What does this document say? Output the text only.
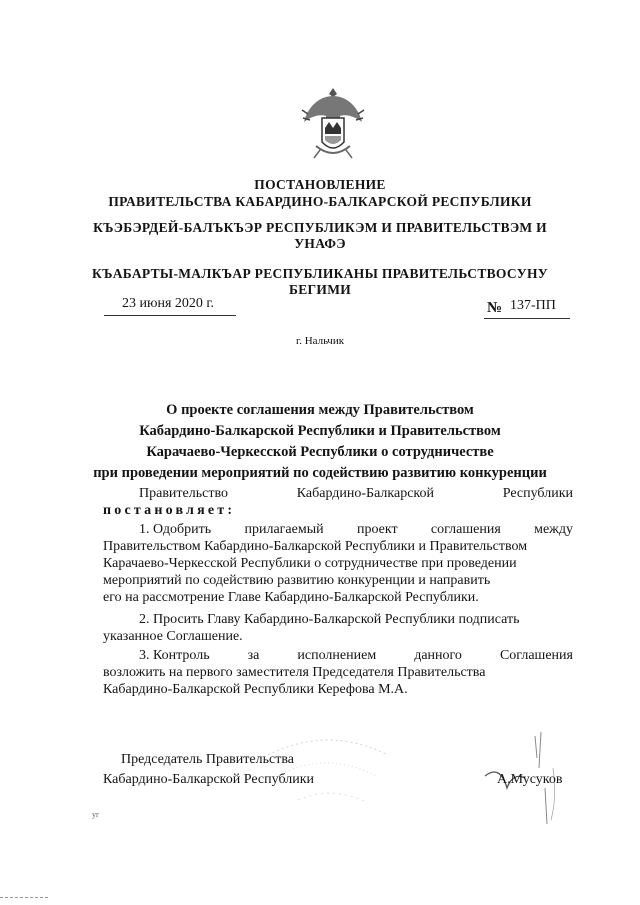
ПОСТАНОВЛЕНИЕ
ПРАВИТЕЛЬСТВА КАБАРДИНО-БАЛКАРСКОЙ РЕСПУБЛИКИ
КЪЭБЭРДЕЙ-БАЛЪКЪЭР РЕСПУБЛИКЭМ И ПРАВИТЕЛЬСТВЭМ И
УНАФЭ
КЪАБАРТЫ-МАЛКЪАР РЕСПУБЛИКАНЫ ПРАВИТЕЛЬСТВОСУНУ
БЕГИМИ
23 июня 2020 г.	№ 137-ПП
г. Нальчик
О проекте соглашения между Правительством
Кабардино-Балкарской Республики и Правительством
Карачаево-Черкесской Республики о сотрудничестве
при проведении мероприятий по содействию развитию конкуренции
Правительство	Кабардино-Балкарской	Республики
постановляет:
1. Одобрить прилагаемый проект соглашения между
Правительством Кабардино-Балкарской Республики и Правительством
Карачаево-Черкесской Республики о сотрудничестве при проведении
мероприятий по содействию развитию конкуренции и направить
его на рассмотрение Главе Кабардино-Балкарской Республики.
2. Просить Главу Кабардино-Балкарской Республики подписать
указанное Соглашение.
3. Контроль	за	исполнением	данного	Соглашения
возложить на первого заместителя Председателя Правительства
Кабардино-Балкарской Республики Керефова М.А.
Председатель Правительства
Кабардино-Балкарской Республики	А.Мусуков
уг
